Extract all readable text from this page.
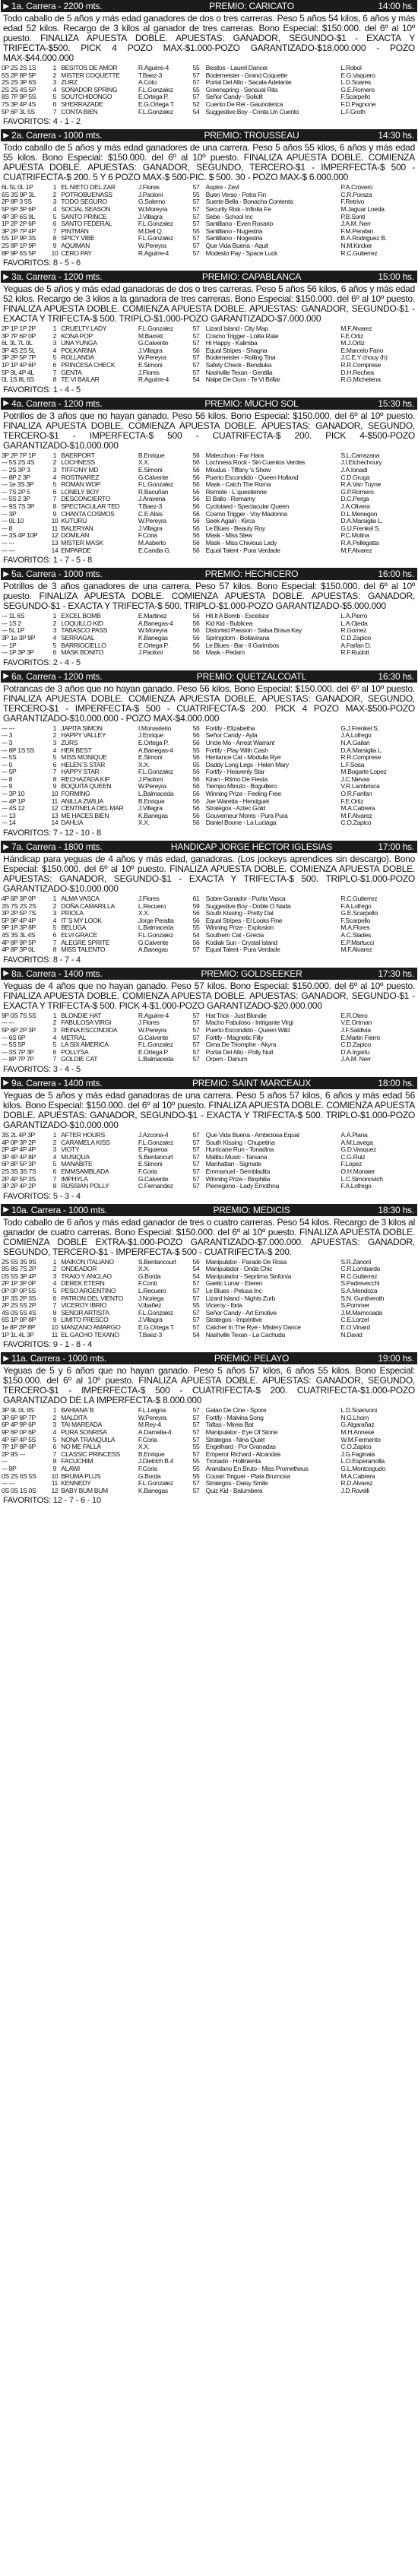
▶ 1a. Carrera - 2200 mts.	PREMIO: CARICATO	14:00 hs.
Todo caballo de 5 años y más edad ganadores de dos o tres carreras. Peso 5 años 54 kilos, 6 años y más edad 52 kilos. Recargo de 3 kilos al ganador de tres carreras. Bono Especial: $150.000. del 6º al 10º puesto. FINALIZA APUESTA DOBLE. APUESTAS: GANADOR, SEGUNDO-$1 - EXACTA Y TRIFECTA-$500. PICK 4 POZO MAX-$1.000-POZO GARANTIZADO-$18.000.000 - POZO MAX-$44.000.000
0P 2S 2S 1S	1	BESITOS DE AMOR	R.Aguirre-4	55	Besitos - Laurel Dancer	L.Robol
5S 2P 8P 5P	2	MISTER COQUETTE	T.Baez-3	57	Bodemeister - Grand Coquette	E.G.Vaquero
2S 2S 3P 6S	3	ZURZ	A.Coto	57	Portal Del Alto - Sacala Adelante	L.D.Soares
2S 2S 4S 5P	4	SOÑADOR SPRING	F.L.Gonzalez	55	Greenspring - Sensual Rita	G.E.Romero
8S 7P 9P 5S	5	SOUTCHIDONGO	E.Ortega P.	57	Señor Candy - Soliclit	F.Scarpello
7S 3P 4P 4S	6	SHERRAZADE	E.G.Ortega T.	52	Cuento De Rei - Gaunoterica	F.D.Pagnone
5P 6P 3L 5S	7	CONTA BIEN	F.L.Gonzalez	54	Suggestive Boy - Conta Un Cuento	L.F.Groth
FAVORITOS: 4 - 1 - 2
▶ 2a. Carrera - 1000 mts.	PREMIO: TROUSSEAU	14:30 hs.
Todo caballo de 5 años y más edad ganadores de una carrera. Peso 5 años 55 kilos, 6 años y más edad 55 kilos. Bono Especial: $150.000. del 6º al 10º puesto. FINALIZA APUESTA DOBLE. COMIENZA APUESTA DOBLE. APUESTAS: GANADOR, SEGUNDO, TERCERO-$1 - IMPERFECTA-$ 500 - CUATRIFECTA-$ 200. 5 Y 6 POZO MAX-$ 500-PIC. $ 500. 30 - POZO MAX-$ 6.000.000
6L 5L 0L 1P	1	EL NIETO DEL ZAR	J.Flores	57	Aspire - Zevi	P.A.Crovero
6S 3S 9P 3L	2	POTROBUENASS	J.Paoloni	55	Buen Verso - Potra Fin	C.R.Poraza
2P 8P 3 5S	3	TODO SEGURO	G.Solerno	57	Suerte Bella - Bonacha Contenta	F.Retrivo
5P 6P 3P 6P	4	SOCIAL SEASON	W.Moreyra	57	Security Risk - Infinita Fe	M.Jaguar Loeda
4P 3P 6S 9L	5	SANTO PRINCE	J.Villagra	57	Sebe - School Inc	P.B.Sonti
1P 2P 2P 6P	6	SANTO FEDERAL	F.L.Gonzalez	57	Santillano - Even Rosario	J.A.M. Nerr
3P 2P 7P 4P	7	PINTMAN	M.Dell Q.	55	Santillano - Nugestria	F.M.Perafan
5S 1P 9P 3S	8	SPICY VIBE	F.L.Gonzalez	57	Santillano - Nogestria	B.A.Rodriguez B.
2S 8P 1P 9P	9	AQUIMAN	W.Pereyra	57	Que Vida Buena - Aquit	N.M.Kircker
8P 9P 6S 5P	10	CERO PAY	R.Aguirre-4	57	Modesto Pay - Space Luck	R.C.Gutierrez
FAVORITOS: 8 - 5 - 6
▶ 3a. Carrera - 1200 mts.	PREMIO: CAPABLANCA	15:00 hs.
Yeguas de 5 años y más edad ganadoras de dos o tres carreras. Peso 5 años 56 kilos, 6 años y más edad 52 kilos. Recargo de 3 kilos a la ganadora de tres carreras. Bono Especial: $150.000. del 6º al 10º puesto. FINALIZA APUESTA DOBLE. COMIENZA APUESTA DOBLE. APUESTAS: GANADOR, SEGUNDO-$1 - EXACTA Y TRIFECTA-$ 500. TRIPLO-$1.000-POZO GARANTIZADO-$7.000.000
2P 1P 1P 2P	1	CRUELTY LADY	F.L.Gonzalez	57	Lizard Island - City Map	M.F.Alvarez
3P 7P 6P 0P	2	KONA POP	M.Barrett	57	Cosmo Trigger - Lolita Rate	F.E.Ortiz
6L 3L 7L 0L	3	UNA YUNGA	G.Calvente	57	Hi Happy - Kalimba	M.J.Ortiz
3P 4S 2S 5L	4	POLKARINA	J.Villagra	56	Equal Stripes - Shagna	E.Marcelo Fano
3P 2P 5P 7P	5	ROLLANDA	W.Pereyra	57	Bodemeister - Rolling Tina	J.C.E.Y chouy (h)
1P 1P 4P 6P	6	PRINCESA CHECK	E.Simoni	57	Safety Check - Bendiuka	R.R.Comprese
5P 9L 4P 4L	7	GENTA	J.Flores	57	Nashville Texan - Gentilia	D.H.Rechea
0L 1S 8L 6S	8	TE VI BAILAR	R.Aguirre-4	54	Nalpe De Oura - Te Vi Brillar	R.G.Michelena
FAVORITOS: 1 - 4 - 5
▶ 4a. Carrera - 1200 mts.	PREMIO: MUCHO SOL	15:30 hs.
Potrillos de 3 años que no hayan ganado. Peso 56 kilos. Bono Especial: $150.000. del 6º al 10º puesto. FINALIZA APUESTA DOBLE. COMIENZA APUESTA DOBLE. APUESTAS: GANADOR, SEGUNDO, TERCERO-$1 - IMPERFECTA-$ 500 - CUATRIFECTA-$ 200. PICK 4-$500-POZO GARANTIZADO-$10.000.000
3P 2P 7P 1P	1	BAERPORT	B.Enrique	56	Malecchon - Far Hara	S.L.Carrazana
--- 5S 2S 4S	2	LOCHNESS	X.X.	56	Lochness Rock - Sin Cuentos Verdes	J.I.Etchechoury
--- 2S 3P 3	3	TIFFONY MD	E.Simoni	56	Mixalus - Tiffany 's Show	J.A.Ionadi
--- 8P 2 3P	4	ROSTNAREZ	G.Calvente	56	Puerto Escondido - Queen Holland	C.D.Gruga
--- 1e 3S 3P	5	ROMAN WOP	F.L.Gonzalez	56	Mask - Catch The Roma	R.A.Van Tuyne
--- 7S 2P 5	6	LONELY BOY	R.Bacuñan	56	Remote - L´questienne	G.P.Romero
--- 5S 2 3P	7	DESCONCIERTO	J.Aravena	56	El Ballo - Remamy	D.C.Perga
--- 9S 7S 3P	8	SPECTACULAR TED	T.Baez-3	56	Cyclotaed - Spectacular Queen	J.A.Olivera
--- 3P	9	CHANTA COSMOS	C.E.Alsis	56	Cosmo Trigger - Voy Madonna	D.L.Menegon
--- 0L 10	10	KUTURU	W.Pereyra	56	Seek Again - Kirca	D.A.Marsiglia L.
--- 8	11	BALERYAN	J.Villagra	56	Le Blues - Beauty Roy	G.U.Frenkel S.
--- 3S 4P 10P	12	DOMILAN	F.Coria	56	Mask - Miss Slew	P.C.Molina
--- ---	13	MISTER MASK	M.Asberto	56	Mask - Miss Chivious Lady	R.A.Pellegatta
--- ---	14	EMPARDE	E.Candia G.	56	Equal Talent - Pura Verdade	M.F.Alvarez
FAVORITOS: 1 - 7 - 5 - 8
▶ 5a. Carrera - 1000 mts.	PREMIO: HECHICERO	16:00 hs.
Potrillos de 3 años ganadores de una carrera. Peso 57 kilos. Bono Especial: $150.000. del 6º al 10º puesto. FINALIZA APUESTA DOBLE. COMIENZA APUESTA DOBLE. APUESTAS: GANADOR, SEGUNDO-$1 - EXACTA Y TRIFECTA-$ 500. TRIPLO-$1.000-POZO GARANTIZADO-$5.000.000
--- 1L 6S	1	EXCEL BOMB	E.Martinez	56	Hit It A Bomb - Excelsior	L.A.Pierro
--- 1S 2	2	LOQUILLO KID	A.Banegas-4	56	Kid Kid - Bublicea	L.A.Ojeda
--- 5L 1P	3	TABASCO PASS	W.Moreyra	56	Distorted Passion - Salsa Brava Key	R.Gomez
3P 1e 3P 9P	4	SERRAGAL	K.Banegas	56	Springdom - Bollavirana	C.D.Zapico
--- 1P	5	BARRIOCIELLO	E.Ortega P.	56	Le Blues - Bar - Il Garimbos	A.Farfan D.
--- 1P 3P 3P	6	MASK BONITO	J.Paoloni	56	Mask - Pedam	R.F.Rudott
FAVORITOS: 2 - 4 - 5
▶ 6a. Carrera - 1200 mts.	PREMIO: QUETZALCOATL	16:30 hs.
Potrancas de 3 años que no hayan ganado. Peso 56 kilos. Bono Especial: $150.000. del 6º al 10º puesto. FINALIZA APUESTA DOBLE. COMIENZA APUESTA DOBLE. APUESTAS: GANADOR, SEGUNDO, TERCERO-$1 - IMPERFECTA-$ 500 - CUATRIFECTA-$ 200. PICK 4 POZO MAX-$500-POZO GARANTIZADO-$10.000.000 - POZO MAX-$4.000.000
--- ---	1	JAPITA SIMON	I.Monasterio	56	Fortify - Elizabetha	G.J.Frenkel S.
--- 3	2	HAPPY VALLEY	J.Enrique	56	Señor Candy - Ayla	J.A.Lofrego
--- 3	3	ZURS	E.Ortega P.	56	Uncle Mo - Arrest Warrant	N.A.Gailan
--- 8P 1S 5S	4	HER BEST	A.Banegas-4	55	Fortify - Play With Cash	D.A.Marsiglia L.
--- 5S	5	MISS MONIQUE	E.Simoni	56	Heritance Cat - Modulla Rye	R.R.Comprese
--- 0	6	HELEN´S STAR	X.X.	55	Daddy Long Legs - Helen Mary	L.F.Sosa
--- 5P	7	HAPPY STAR	F.L.Gonzalez	56	Fortify - Heavenly Star	M.Bogarte Lopez
--- 8	8	RECHAZADA KIP	J.Paoloni	56	Kiran - Ritmo De Fiesta	J.C.Nievas
--- 9	9	BOQUITA QUEEN	W.Pereyra	56	Tiempo Minuto - Boguillero	V.R.Lambrisca
--- 3P 10	10	FORMING	L.Balmaceda	56	Winning Prize - Feeling Free	O.R.Fanfan
--- 4P 1P	11	ANILLA ZWILIA	B.Enrique	56	Joe Waretta - Hendguet	F.E.Ortiz
--- 4S 12	12	CENTINELA DEL MAR	J.Villagra	56	Strategos - Aztec Gold	M.A.Cabrera
--- 13	13	ME HACES BIEN	K.Banegas	56	Gouverneur Morris - Pura Pura	M.F.Alvarez
--- 14	14	DAHLIA	X.X.	56	Daniel Boone - La Luciaga	C.O.Zapico
FAVORITOS: 7 - 12 - 10 - 8
▶ 7a. Carrera - 1800 mts.	HANDICAP JORGE HÉCTOR IGLESIAS	17:00 hs.
Hándicap para yeguas de 4 años y más edad, ganadoras. (Los jockeys aprendices sin descargo). Bono Especial: $150.000. del 6º al 10º puesto. FINALIZA APUESTA DOBLE. COMIENZA APUESTA DOBLE. APUESTAS: GANADOR, SEGUNDO-$1 - EXACTA Y TRIFECTA-$ 500. TRIPLO-$1.000-POZO GARANTIZADO-$10.000.000
4P 6P 3P 0P	1	ALMA VASCA	J.Flores	61	Sobre Ganador - Purita Vasca	R.C.Gutierrez
3S 7S 2S 2S	2	DOÑA CAMARILLA	L.Recuero	59	Suggestive Boy - Doble O Nada	F.A.Lofrego
3P 2P 5P 7S	3	PRIOLA	X.X.	56	South Kissing - Pretty Dal	G.E.Scarpello
5P 9P 4P 4P	4	IT´S MY LOOK	Jorge Peralta	56	Equal Stripes - El Looks Fine	F.Scarpello
9P 1P 3P 8P	5	BELUGA	L.Balmaceda	55	Winning Prize - Explosion	M.A.Flores
4S 3S 3L 4S	6	ELVI GRACE	F.L.Gonzalez	54	Southern Cat - Grecia	A.C.Slades
4P 8P 9P 5P	7	ALEGRE SPRITE	G.Calvente	56	Kodiak Sun - Crystal Island	E.P.Martucci
4P 8P 3P 0L	8	MISS TALENTO	A.Banegas	57	Equal Talent - Pura Verdade	M.F.Alvarez
FAVORITOS: 8 - 7 - 4
▶ 8a. Carrera - 1400 mts.	PREMIO: GOLDSEEKER	17:30 hs.
Yeguas de 4 años que no hayan ganado. Peso 57 kilos. Bono Especial: $150.000. del 6º al 10º puesto. FINALIZA APUESTA DOBLE. COMIENZA APUESTA DOBLE. APUESTAS: GANADOR, SEGUNDO-$1 - EXACTA Y TRIFECTA-$ 500. PICK 4-$1.000-POZO GARANTIZADO-$20.000.000
9P 0S 7S 5S	1	BLONDIE HAT	R.Aguirre-4	57	Hat Trick - Just Blondie	E.R.Otero
--- ---	2	FABULOSA VIRGI	J.Flores	57	Macho Fabuloso - Intrigante Virgi	V.E.Ortman
5P 6P 2P 3P	3	REINA ESCONDIDA	W.Pereyra	57	Puerto Escondido - Queen Wild	J.F.Saldivia
--- 6S 6P	4	METRAL	G.Calvente	57	Fortify - Magnetic Filly	E.Martin Fierro
--- 5S 5P	5	LA SIX AMERICA	F.L.Gonzalez	57	Cima De Triomphe - Akyra	C.D.Zapico
--- 3S 7P 3P	6	POLLYSA	E.Ortega P.	57	Portal Del Alto - Polly Nuit	D.A.Irgartu
--- 8P 7P 7P	7	GOLDIE CAT	L.Balmaceda	57	Orpen - Danum	J.A.M. Nerr
FAVORITOS: 3 - 4 - 5
▶ 9a. Carrera - 1400 mts.	PREMIO: SAINT MARCEAUX	18:00 hs.
Yeguas de 5 años y más edad ganadoras de una carrera. Peso 5 años 57 kilos, 6 años y más edad 56 kilos. Bono Especial: $150.000. del 6º al 10º puesto. FINALIZA APUESTA DOBLE. COMIENZA APUESTA DOBLE. APUESTAS: GANADOR, SEGUNDO-$1 - EXACTA Y TRIFECTA-$ 500. TRIPLO-$1.000-POZO GARANTIZADO-$10.000.000
3S 2L 4P 3P	1	AFTER HOURS	J.Azcona-4	57	Que Vida Buena - Ambiciosa Equal	A.A.Plana
4P 0P 3P 2P	2	CARAMELA KISS	F.L.Gonzalez	57	South Kissing - Chupetina	A.M.Lavega
2P 4P 4P 4P	3	VIOTY	E.Figueroa	57	Hurricane Run - Tonadina	G.D.Vasquez
3P 4P 4P 8P	4	MUSIQUA	S.Bentancurt	57	Malibu Music - Tarsana	C.G.Ruiz
6P 8P 5P 3P	5	MANABITE	E.Simoni	57	Manhattan - Sigmate	F.Lopez
2S 3S 3S 7S	6	EMMSAMBLADA	F.Coria	57	Emmanuel - Sembladita	O.H.Monaier
2P 4P 5P 3S	7	IMPHYLA	G.Calvente	57	Winning Prize - Biophilia	L.C.Simonovich
3P 2P 4P 2P	8	RUSSIAN POLLY	C.Fernandez	57	Pierregono - Lady Emothna	F.A.Lofrego
FAVORITOS: 5 - 3 - 4
▶ 10a. Carrera - 1000 mts.	PREMIO: MEDICIS	18:30 hs.
Todo caballo de 6 años y más edad ganador de tres o cuatro carreras. Peso 54 kilos. Recargo de 3 kilos al ganador de cuatro carreras. Bono Especial: $150.000. del 6º al 10º puesto. FINALIZA APUESTA DOBLE. COMIENZA DOBLE EXTRA-$1.000-POZO GARANTIZADO-$7.000.000. APUESTAS: GANADOR, SEGUNDO, TERCERO-$1 - IMPERFECTA-$ 500 - CUATRIFECTA-$ 200.
2S 5S 3S 9S	1	MAIKON ITALIANO	S.Bentancourt	56	Manipulator - Parade De Rosa	S.R.Zanoni
9S 8S 7S 2P	2	ONDEADOR	X.X.	54	Manipulador - Onda Chic	C.R.Lombardo
0S 5S 3P 4P	3	TRAIO Y ANCLAO	G.Borda	54	Manipulador - Seprtima Sinfonía	R.C.Gutierrez
2P 1P 3P 0P	4	DEREK ETERN	F.Conti	57	Gaelic Lunar - Etereo	S.Padrevecchi
0P 0P 0P 5S	5	PESO ARGENTINO	L.Recuero	57	Le Blues - Pelusa Inc	S.A.Mendoza
1P 3S 2P 3S	6	PATRON DEL VIENTO	J.Noriega	57	Lizard Island - Nights Zurb	S.N. Guntheroth
2P 2S 5S 2P	7	VICEROY IBRIO	V.Ibañez	55	Viceroy - Ibria	S.Pommer
4S 0S 5S 4S	8	SEÑOR ARTISTA	F.L.Gonzalez	57	Señor Candy - Art Emotive	J.M.Mamcoada
6S 1P 0P 8P	9	LIMITO FRESCO	J.Villagra	57	Strategos - Imprintive	C.E.Lorzel
1e 8P 2P 8P	10	MANZANO AMARGO	E.G.Ortega T.	57	Catcher In The Rye - Mistery Dance	E.O.Vinard
1P 1L 4L 3P	11	EL GACHO TEXANO	T.Baez-3	54	Nashville Texan - La Cachuda	N.David
FAVORITOS: 9 - 1 - 8 - 4
▶ 11a. Carrera - 1000 mts.	PREMIO: PELAYO	19:00 hs.
Yeguas de 5 y 6 años que no hayan ganado. Peso 5 años 57 kilos, 6 años 55 kilos. Bono Especial: $150.000. del 6º al 10º puesto. FINALIZA APUESTA DOBLE. APUESTAS: GANADOR, SEGUNDO, TERCERO-$1 - IMPERFECTA-$ 500 - CUATRIFECTA-$ 200. CUATRIFECTA-$1.000-POZO GARANTIZADO DE LA IMPERFECTA-$ 8.000.000
3P 9L 0L 9S	1	BAHIANA´B	F.L.Leigna	57	Galan De Cine - Spore	L.D.Soanvoni
3P 6P 8P 7P	2	MALDITA	W.Pereyra	57	Fortify - Malvina Song	N.G.Lhorn
6P 4P 9P 6P	3	TAI MAREADA	M.Rey-4	57	Taftas - Mireia Bat	G.Algarañaz
9P 6P 0P 6P	4	PURA SONRISA	A.Damelia-4	57	Manipulator - Eye Of Stone	M.H.Annese
4P 6P 4P 5S	5	NONA TRANQUILA	F.Coria	57	Strategos - Nina Quiet	W.M.Fermento
7P 1P 8P 6P	6	NO ME FALLA	X.X.	55	Engelhard - Por Granadas	C.O.Zapico
2P 9S ---	7	CLASSIC PRINCESS	B.Enrique	57	Emperor Richard - Alcandas	J.G.Faginaia
---	8	FACUCHIM	J.Dietrich B.4	55	Tronado - Hollinienta	L.O.Esperancilla
--- 8P	9	ALAWI	F.Coria	55	Arandano En Bruto - Miss Prometheus	G.L.Montosgudo
0S 2S 6S 5S	10	BRUMA PLUS	G.Borda	55	Cousin Tiriguer - Plata Brumosa	M.A.Cabrera
--- ---	11	KENNEDY	F.L.Gonzalez	57	Strategos - Daisy Smile	R.D.Alvarez
0S 0S 1S 0S	12	BABY BUM BUM	K.Banegas	57	Quiz Kid - Balumbera	J.D.Rovelli
FAVORITOS: 12 - 7 - 6 - 10
